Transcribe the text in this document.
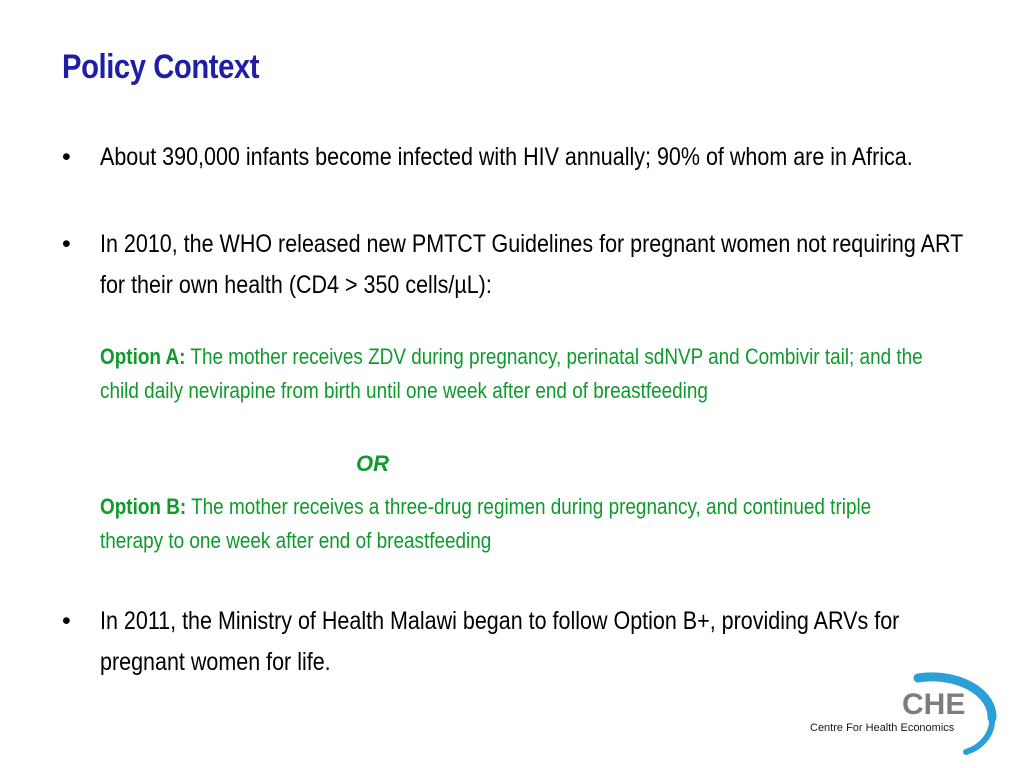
Policy Context
•	About 390,000 infants become infected with HIV annually; 90% of whom are in Africa.
•	In 2010, the WHO released new PMTCT Guidelines for pregnant women not requiring ART for their own health (CD4 > 350 cells/µL):
Option A: The mother receives ZDV during pregnancy, perinatal sdNVP and Combivir tail; and the child daily nevirapine from birth until one week after end of breastfeeding
OR
Option B: The mother receives a three-drug regimen during pregnancy, and continued triple therapy to one week after end of breastfeeding
•	In 2011, the Ministry of Health Malawi began to follow Option B+, providing ARVs for pregnant women for life.
CHE
Centre For Health Economics
